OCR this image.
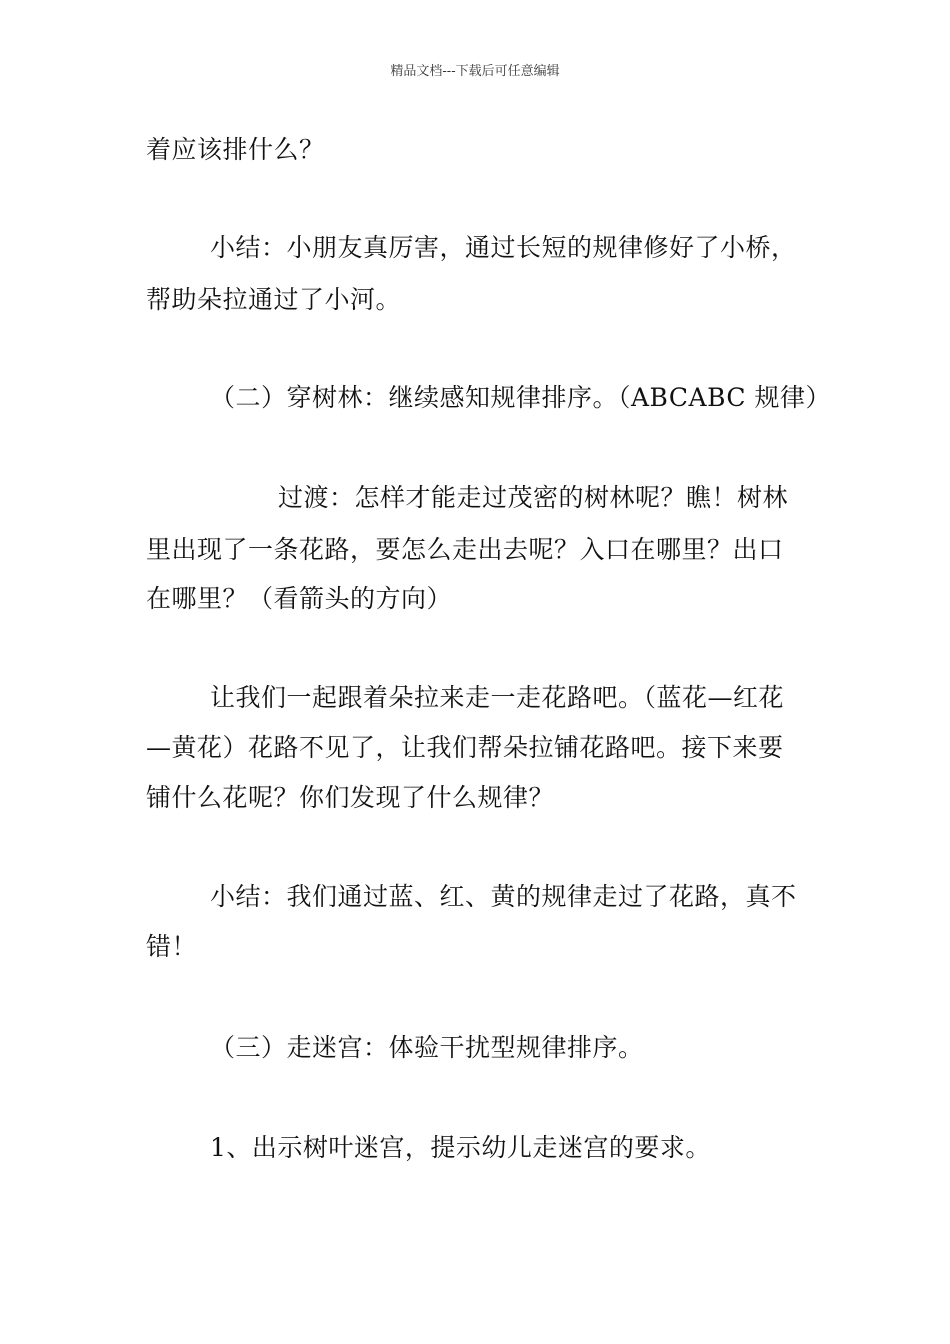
精品文档---下载后可任意编辑
着应该排什么？
小结：小朋友真厉害，通过长短的规律修好了小桥，
帮助朵拉通过了小河。
（二）穿树林：继续感知规律排序。（ABCABC 规律）
过渡：怎样才能走过茂密的树林呢？瞧！树林
里出现了一条花路，要怎么走出去呢？入口在哪里？出口
在哪里？（看箭头的方向）
让我们一起跟着朵拉来走一走花路吧。（蓝花—红花
—黄花）花路不见了，让我们帮朵拉铺花路吧。接下来要
铺什么花呢？你们发现了什么规律？
小结：我们通过蓝、红、黄的规律走过了花路，真不
错！
（三）走迷宫：体验干扰型规律排序。
1、出示树叶迷宫，提示幼儿走迷宫的要求。
